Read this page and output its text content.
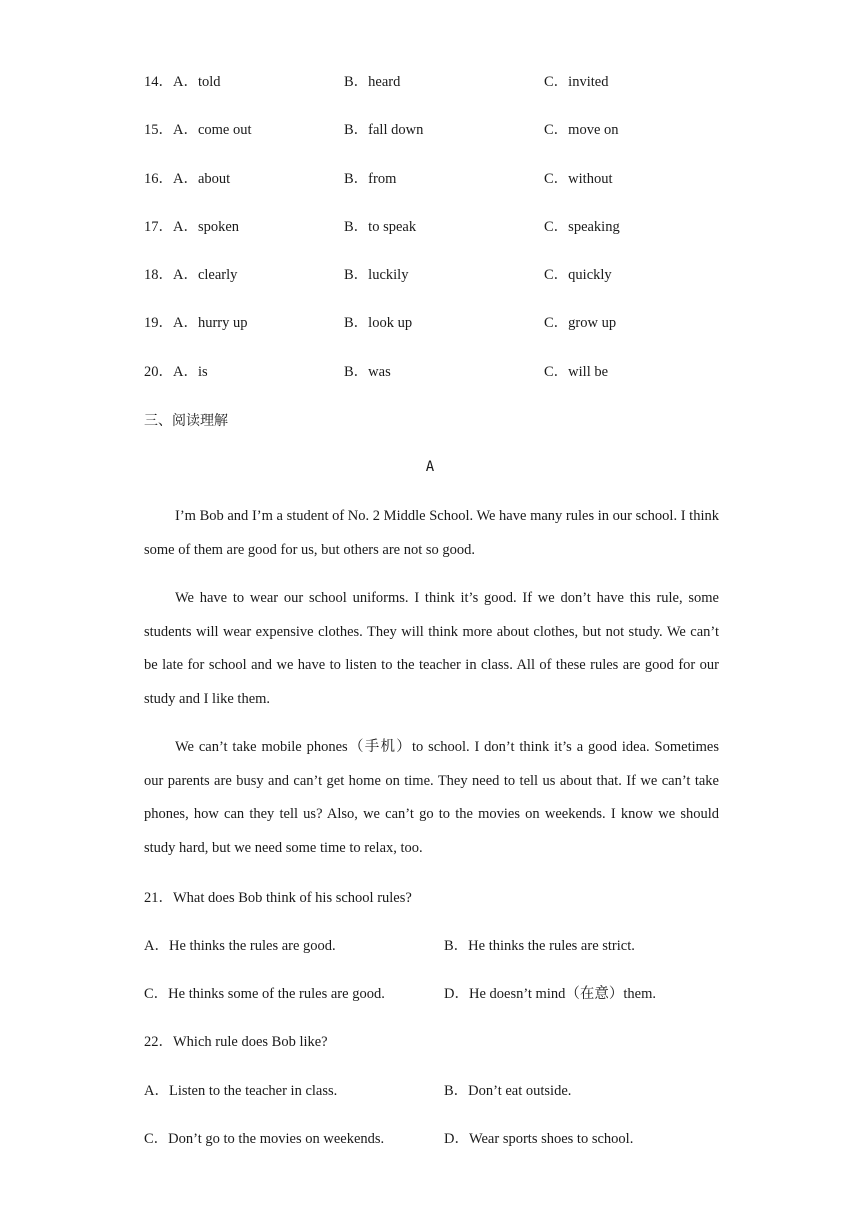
14．A．told	B．heard	C．invited
15．A．come out	B．fall down	C．move on
16．A．about	B．from	C．without
17．A．spoken	B．to speak	C．speaking
18．A．clearly	B．luckily	C．quickly
19．A．hurry up	B．look up	C．grow up
20．A．is	B．was	C．will be
三、阅读理解
A
I’m Bob and I’m a student of No. 2 Middle School. We have many rules in our school. I think some of them are good for us, but others are not so good.
We have to wear our school uniforms. I think it’s good. If we don’t have this rule, some students will wear expensive clothes. They will think more about clothes, but not study. We can’t be late for school and we have to listen to the teacher in class. All of these rules are good for our study and I like them.
We can’t take mobile phones（手机）to school. I don’t think it’s a good idea. Sometimes our parents are busy and can’t get home on time. They need to tell us about that. If we can’t take phones, how can they tell us? Also, we can’t go to the movies on weekends. I know we should study hard, but we need some time to relax, too.
21．What does Bob think of his school rules?
A．He thinks the rules are good.	B．He thinks the rules are strict.
C．He thinks some of the rules are good.	D．He doesn’t mind（在意）them.
22．Which rule does Bob like?
A．Listen to the teacher in class.	B．Don’t eat outside.
C．Don’t go to the movies on weekends.	D．Wear sports shoes to school.
